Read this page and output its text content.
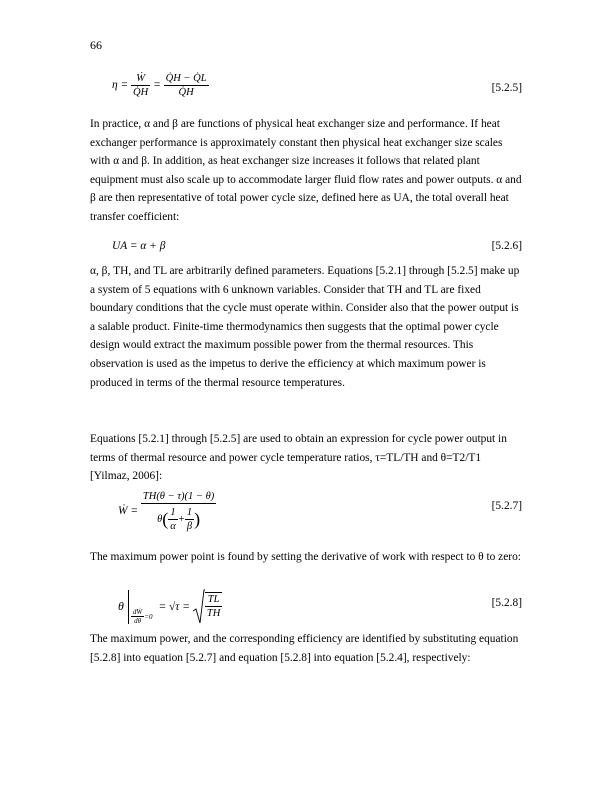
66
$\eta = \frac{\text{Ẇ}}{Q̇H} = \frac{Q̇H - Q̇L}{Q̇H}$	[5.2.5]

In practice, α and β are functions of physical heat exchanger size and performance. If heat exchanger performance is approximately constant then physical heat exchanger size scales with α and β. In addition, as heat exchanger size increases it follows that related plant equipment must also scale up to accommodate larger fluid flow rates and power outputs. α and β are then representative of total power cycle size, defined here as UA, the total overall heat transfer coefficient:

UA = α + β	[5.2.6]

α, β, TH, and TL are arbitrarily defined parameters. Equations [5.2.1] through [5.2.5] make up a system of 5 equations with 6 unknown variables. Consider that TH and TL are fixed boundary conditions that the cycle must operate within. Consider also that the power output is a salable product. Finite-time thermodynamics then suggests that the optimal power cycle design would extract the maximum possible power from the thermal resources. This observation is used as the impetus to derive the efficiency at which maximum power is produced in terms of the thermal resource temperatures.

Equations [5.2.1] through [5.2.5] are used to obtain an expression for cycle power output in terms of thermal resource and power cycle temperature ratios, τ=TL/TH and θ=T2/T1 [Yilmaz, 2006]:

Ẇ = $\frac{TH(\theta - \tau)(1 - \theta)}{\theta( \frac{1}{\alpha} + \frac{1}{\beta} )}$	[5.2.7]

The maximum power point is found by setting the derivative of work with respect to θ to zero:

θ
$\frac{\text{dẆ}}{d\theta} =0$
= $√\tau = \frac{TL}{TH}$	[5.2.8]

The maximum power, and the corresponding efficiency are identified by substituting equation [5.2.8] into equation [5.2.7] and equation [5.2.8] into equation [5.2.4], respectively:
